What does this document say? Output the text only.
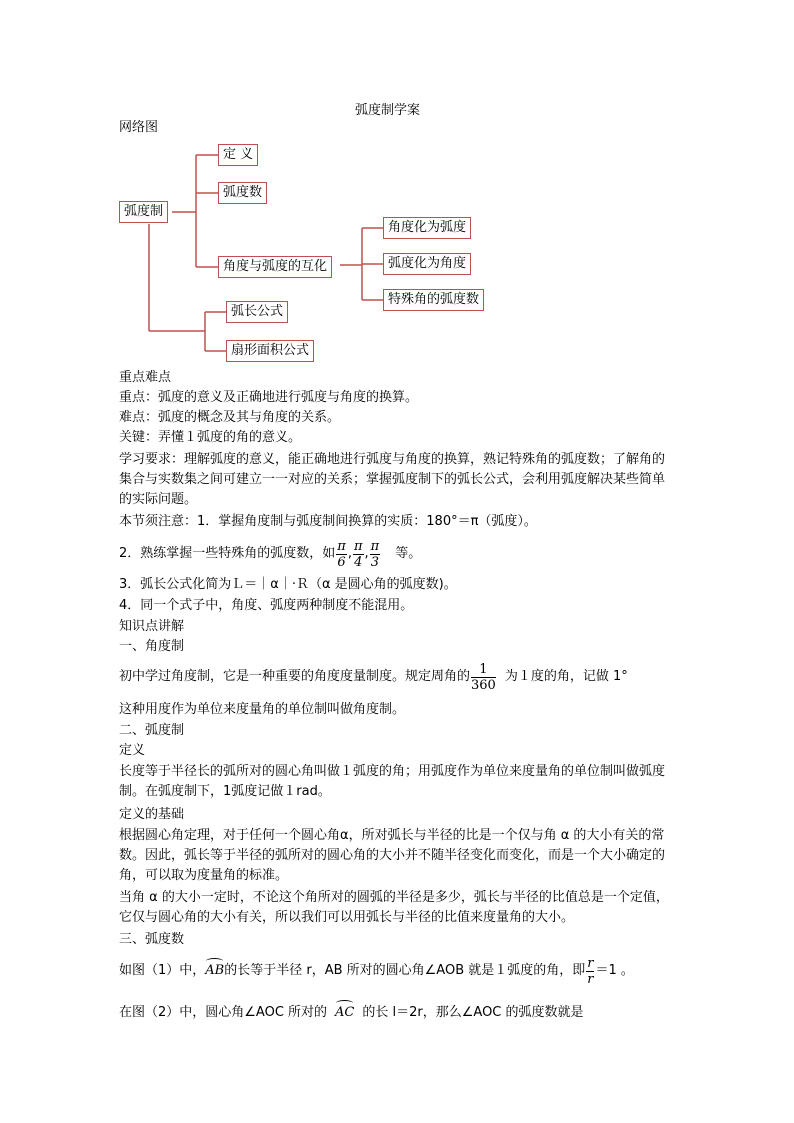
弧度制学案
网络图
弧度制
定 义
弧度数
角度与弧度的互化
角度化为弧度
弧度化为角度
特殊角的弧度数
弧长公式
扇形面积公式
重点难点
重点：弧度的意义及正确地进行弧度与角度的换算。
难点：弧度的概念及其与角度的关系。
关键：弄懂１弧度的角的意义。
学习要求：理解弧度的意义，能正确地进行弧度与角度的换算，熟记特殊角的弧度数；了解角的集合与实数集之间可建立一一对应的关系；掌握弧度制下的弧长公式，会利用弧度解决某些简单的实际问题。
本节须注意：1．掌握角度制与弧度制间换算的实质：180°＝π（弧度）。
2．熟练掌握一些特殊角的弧度数，如 $\frac{\pi}{6}$ , $\frac{\pi}{4}$ , $\frac{\pi}{3}$ 等。
3．弧长公式化简为Ｌ＝｜α｜·Ｒ（α 是圆心角的弧度数)。
4．同一个式子中，角度、弧度两种制度不能混用。
知识点讲解
一、角度制
初中学过角度制，它是一种重要的角度度量制度。规定周角的 $\frac{1}{360}$ 为１度的角，记做 1°
这种用度作为单位来度量角的单位制叫做角度制。
二、弧度制
定义
长度等于半径长的弧所对的圆心角叫做１弧度的角；用弧度作为单位来度量角的单位制叫做弧度制。在弧度制下，1弧度记做１rad。
定义的基础
根据圆心角定理，对于任何一个圆心角α，所对弧长与半径的比是一个仅与角 α 的大小有关的常数。因此，弧长等于半径的弧所对的圆心角的大小并不随半径变化而变化，而是一个大小确定的角，可以取为度量角的标准。
当角 α 的大小一定时，不论这个角所对的圆弧的半径是多少，弧长与半径的比值总是一个定值，它仅与圆心角的大小有关，所以我们可以用弧长与半径的比值来度量角的大小。
三、弧度数
如图（1）中， AB 的长等于半径 r，AB 所对的圆心角∠AOB 就是１弧度的角，即 $\frac{r}{r} =1$ 。
在图（2）中，圆心角∠AOC 所对的 AC 的长 l＝2r，那么∠AOC 的弧度数就是
